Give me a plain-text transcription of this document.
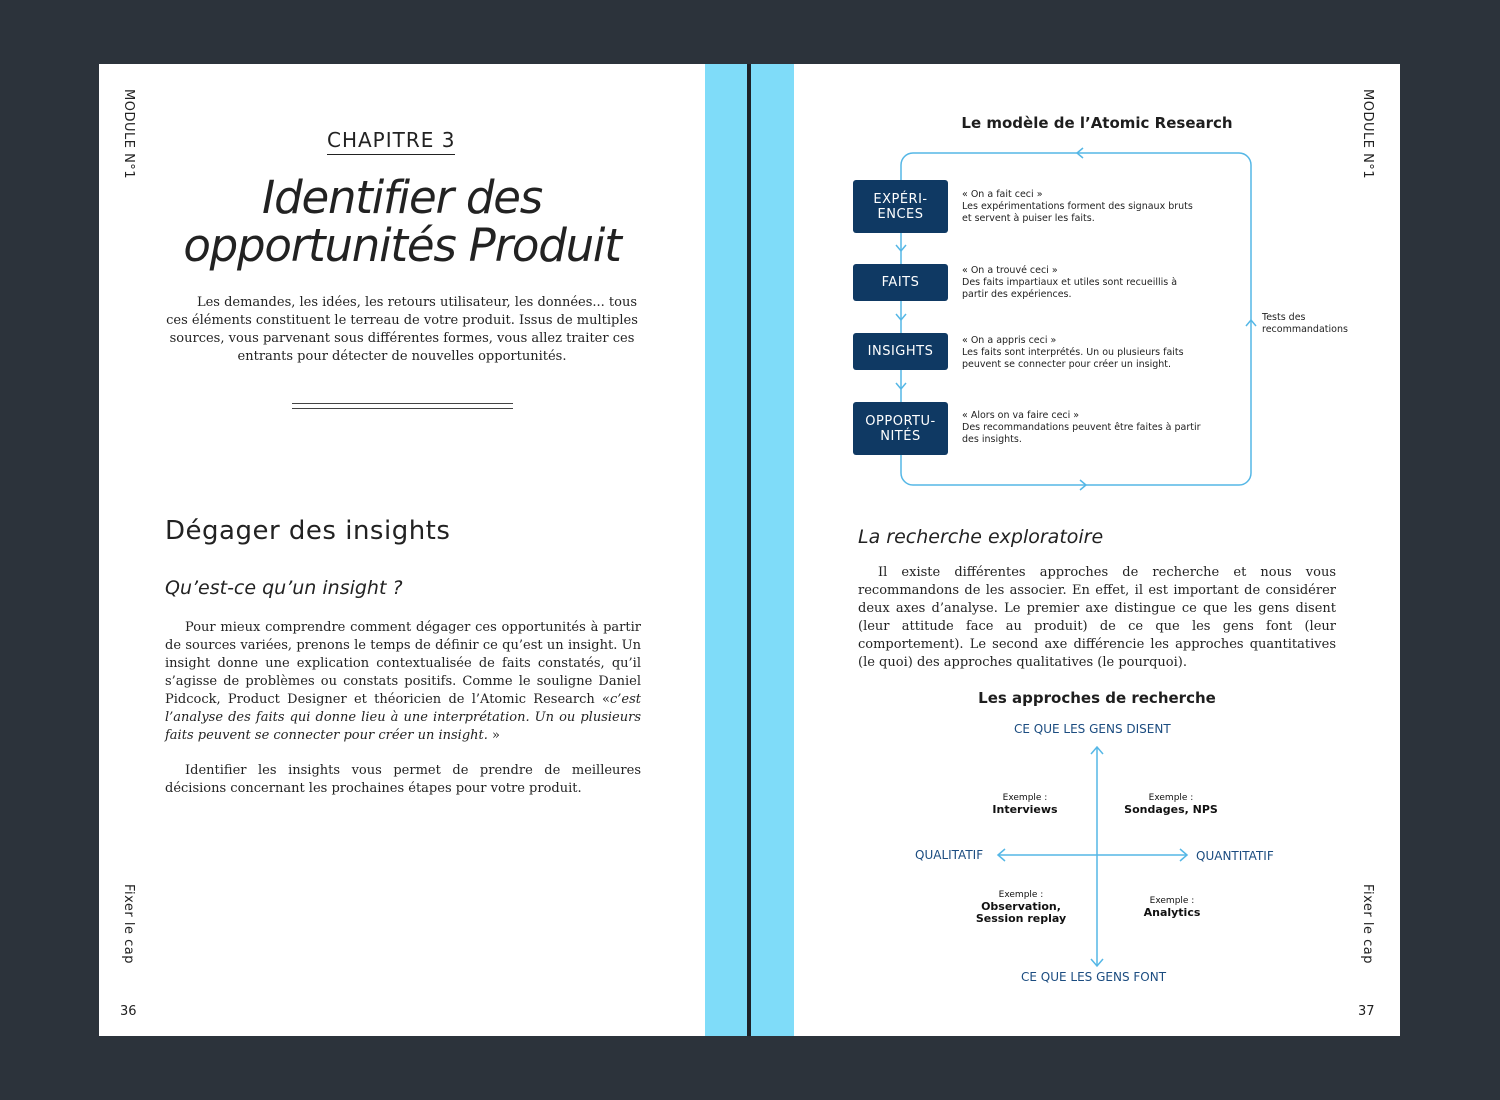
MODULE N°1
Fixer le cap
36
CHAPITRE 3
Identifier des
opportunités Produit

Les demandes, les idées, les retours utilisateur, les données... tous ces éléments constituent le terreau de votre produit. Issus de multiples sources, vous parvenant sous différentes formes, vous allez traiter ces entrants pour détecter de nouvelles opportunités.

Dégager des insights
Qu’est-ce qu’un insight ?

Pour mieux comprendre comment dégager ces opportunités à partir de sources variées, prenons le temps de définir ce qu’est un insight. Un insight donne une explication contextualisée de faits constatés, qu’il s’agisse de problèmes ou constats positifs. Comme le souligne Daniel Pidcock, Product Designer et théoricien de l’Atomic Research «c’est l’analyse des faits qui donne lieu à une interprétation. Un ou plusieurs faits peuvent se connecter pour créer un insight. »

Identifier les insights vous permet de prendre de meilleures décisions concernant les prochaines étapes pour votre produit.

MODULE N°1
Fixer le cap
37
Le modèle de l’Atomic Research
EXPÉRI-
ENCES
FAITS
INSIGHTS
OPPORTU-
NITÉS
« On a fait ceci »
Les expérimentations forment des signaux bruts
et servent à puiser les faits.
« On a trouvé ceci »
Des faits impartiaux et utiles sont recueillis à
partir des expériences.
« On a appris ceci »
Les faits sont interprétés. Un ou plusieurs faits
peuvent se connecter pour créer un insight.
« Alors on va faire ceci »
Des recommandations peuvent être faites à partir
des insights.
Tests des
recommandations
La recherche exploratoire

Il existe différentes approches de recherche et nous vous recommandons de les associer. En effet, il est important de considérer deux axes d’analyse. Le premier axe distingue ce que les gens disent (leur attitude face au produit) de ce que les gens font (leur comportement). Le second axe différencie les approches quantitatives (le quoi) des approches qualitatives (le pourquoi).

Les approches de recherche
CE QUE LES GENS DISENT
CE QUE LES GENS FONT
QUALITATIF	QUANTITATIF
Exemple :
Interviews
Exemple :
Sondages, NPS
Exemple :
Observation,
Session replay
Exemple :
Analytics
